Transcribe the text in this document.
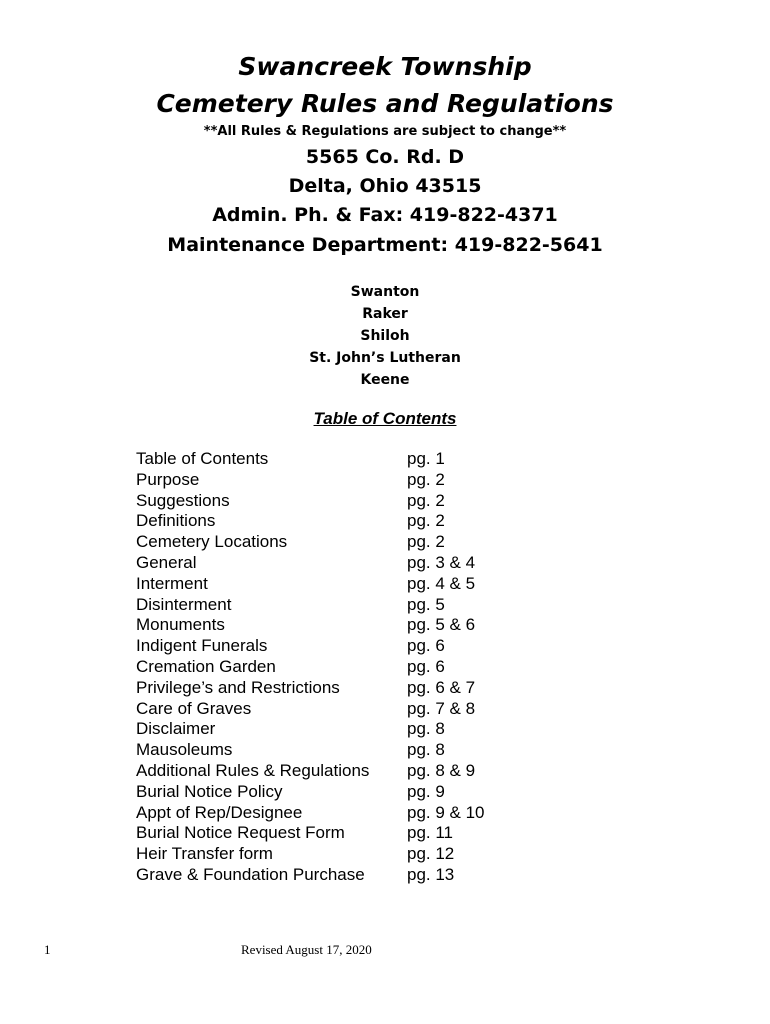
Swancreek Township
Cemetery Rules and Regulations
**All Rules & Regulations are subject to change**
5565 Co. Rd. D
Delta, Ohio 43515
Admin. Ph. & Fax: 419-822-4371
Maintenance Department: 419-822-5641
Swanton
Raker
Shiloh
St. John’s Lutheran
Keene
Table of Contents
Table of Contents	pg. 1
Purpose	pg. 2
Suggestions	pg. 2
Definitions	pg. 2
Cemetery Locations	pg. 2
General	pg. 3 & 4
Interment	pg. 4 & 5
Disinterment	pg. 5
Monuments	pg. 5 & 6
Indigent Funerals	pg. 6
Cremation Garden	pg. 6
Privilege’s and Restrictions	pg. 6 & 7
Care of Graves	pg. 7 & 8
Disclaimer	pg. 8
Mausoleums	pg. 8
Additional Rules & Regulations pg. 8 & 9
Burial Notice Policy	pg. 9
Appt of Rep/Designee	pg. 9 & 10
Burial Notice Request Form	pg. 11
Heir Transfer form	pg. 12
Grave & Foundation Purchase pg. 13
1	Revised August 17, 2020
